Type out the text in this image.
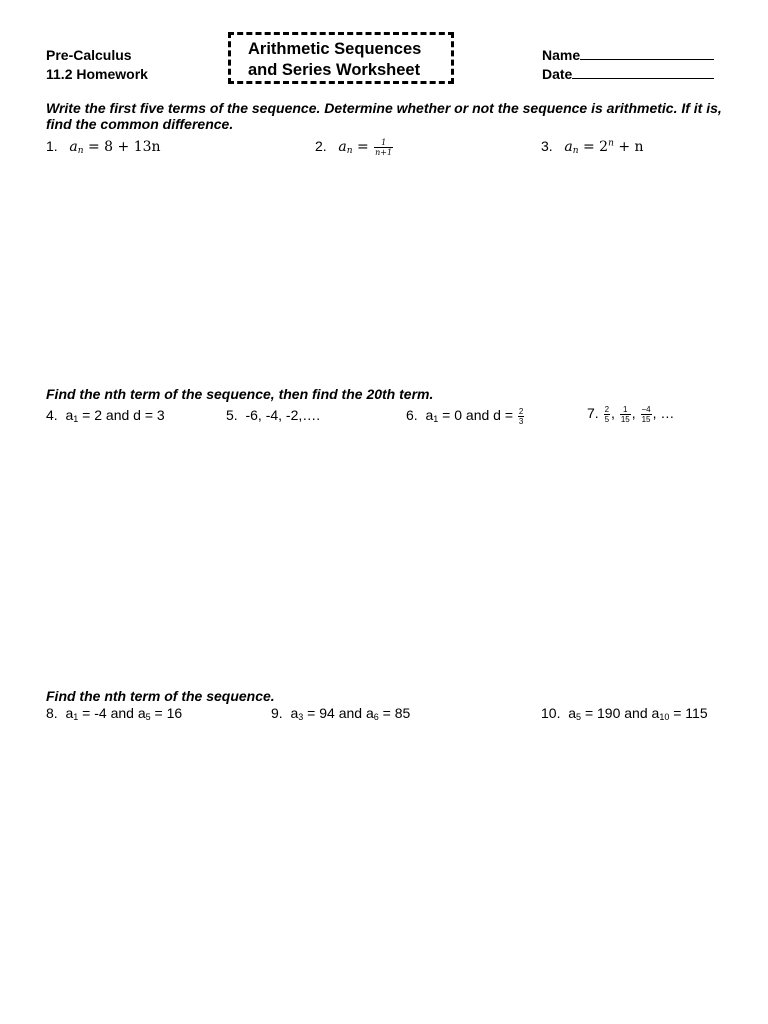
Pre-Calculus
11.2 Homework
Arithmetic Sequences
and Series Worksheet
Name
Date
Write the first five terms of the sequence. Determine whether or not the sequence is arithmetic. If it is, find the common difference.
1. $a_n = 8 + 13n$	2. $a_n = \frac{1}{n+1}$	3. $a_n = 2^n + n$
Find the nth term of the sequence, then find the 20th term.
4. $a_1 = 2$ and d = 3	5. -6, -4, -2,….	6. $a_1 = 0$ and $d = \frac{2}{3}$	7. $\frac{2}{5}$ , $\frac{1}{15}$ , $\frac{-4}{15}$ , …
Find the nth term of the sequence.
8. $a_1 = -4$ and $a_5 = 16$	9. $a_3 = 94$ and $a_6 = 85$	10. $a_5 = 190$ and $a_{10} = 115$
